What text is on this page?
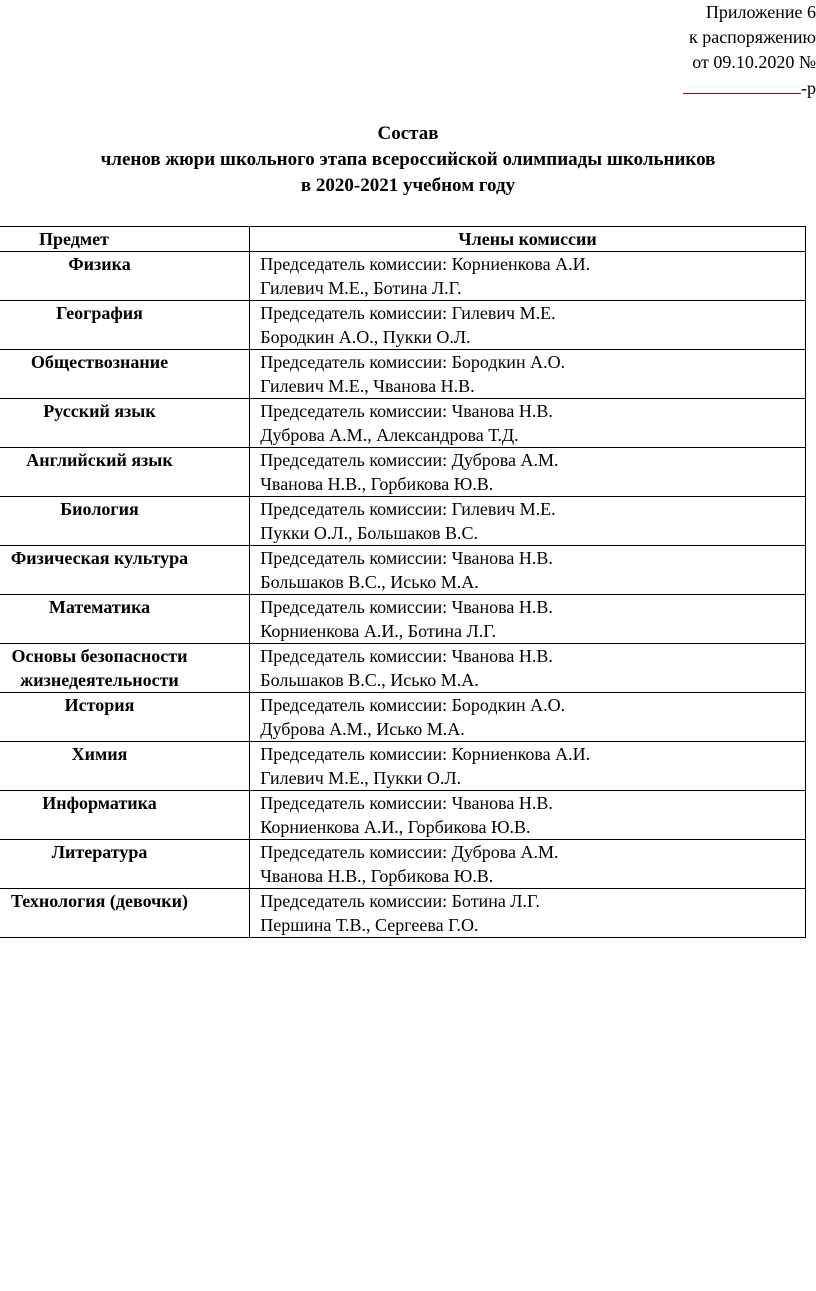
Приложение 6
к распоряжению
от 09.10.2020 №
-р
Состав
членов жюри школьного этапа всероссийской олимпиады школьников
в 2020-2021 учебном году
Предмет	Члены комиссии

Физика	Председатель комиссии: Корниенкова А.И.
Гилевич М.Е., Ботина Л.Г.

География	Председатель комиссии: Гилевич М.Е.
Бородкин А.О., Пукки О.Л.

Обществознание	Председатель комиссии: Бородкин А.О.
Гилевич М.Е., Чванова Н.В.

Русский язык	Председатель комиссии: Чванова Н.В.
Дуброва А.М., Александрова Т.Д.

Английский язык	Председатель комиссии: Дуброва А.М.
Чванова Н.В., Горбикова Ю.В.

Биология	Председатель комиссии: Гилевич М.Е.
Пукки О.Л., Большаков В.С.

Физическая культура	Председатель комиссии: Чванова Н.В.
Большаков В.С., Исько М.А.

Математика	Председатель комиссии: Чванова Н.В.
Корниенкова А.И., Ботина Л.Г.

Основы безопасности
жизнедеятельности	Председатель комиссии: Чванова Н.В.
Большаков В.С., Исько М.А.

История	Председатель комиссии: Бородкин А.О.
Дуброва А.М., Исько М.А.

Химия	Председатель комиссии: Корниенкова А.И.
Гилевич М.Е., Пукки О.Л.

Информатика	Председатель комиссии: Чванова Н.В.
Корниенкова А.И., Горбикова Ю.В.

Литература	Председатель комиссии: Дуброва А.М.
Чванова Н.В., Горбикова Ю.В.

Технология (девочки)	Председатель комиссии: Ботина Л.Г.
Першина Т.В., Сергеева Г.О.
